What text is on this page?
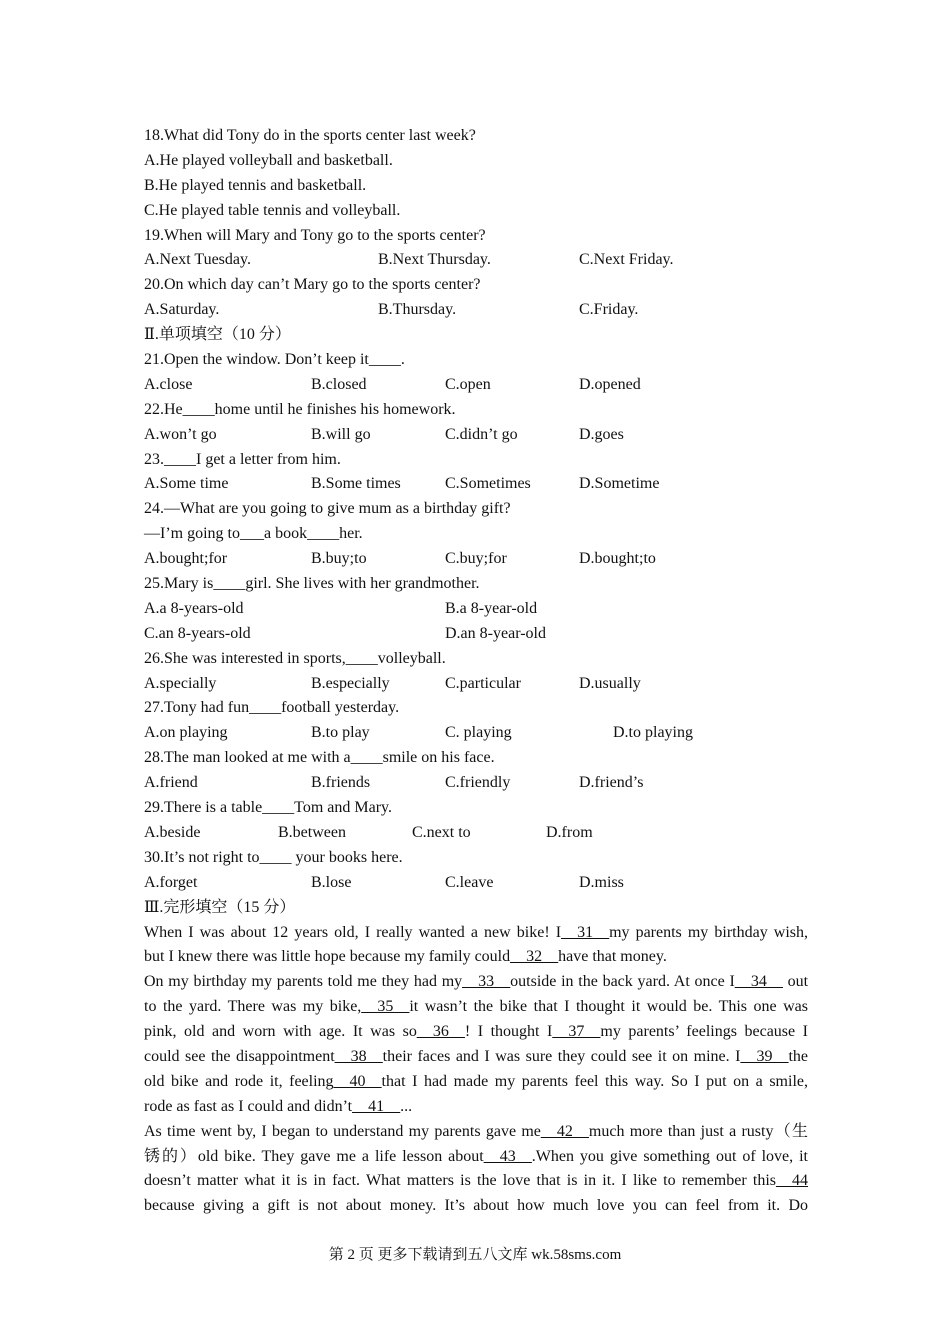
18.What did Tony do in the sports center last week?
A.He played volleyball and basketball.
B.He played tennis and basketball.
C.He played table tennis and volleyball.
19.When will Mary and Tony go to the sports center?
A.Next Tuesday.	B.Next Thursday.	C.Next Friday.
20.On which day can’t Mary go to the sports center?
A.Saturday.	B.Thursday.	C.Friday.
Ⅱ.单项填空（10 分）
21.Open the window. Don’t keep it____.
A.close	B.closed	C.open	D.opened
22.He____home until he finishes his homework.
A.won’t go	B.will go	C.didn’t go	D.goes
23.____I get a letter from him.
A.Some time	B.Some times	C.Sometimes	D.Sometime
24.—What are you going to give mum as a birthday gift?
—I’m going to___a book____her.
A.bought;for	B.buy;to	C.buy;for	D.bought;to
25.Mary is____girl. She lives with her grandmother.
A.a 8-years-old	B.a 8-year-old
C.an 8-years-old	D.an 8-year-old
26.She was interested in sports,____volleyball.
A.specially	B.especially	C.particular	D.usually
27.Tony had fun____football yesterday.
A.on playing	B.to play	C. playing	D.to playing
28.The man looked at me with a____smile on his face.
A.friend	B.friends	C.friendly	D.friend’s
29.There is a table____Tom and Mary.
A.beside	B.between	C.next to	D.from
30.It’s not right to____ your books here.
A.forget	B.lose	C.leave	D.miss
Ⅲ.完形填空（15 分）
When I was about 12 years old, I really wanted a new bike! I__31__my parents my birthday wish,
but I knew there was little hope because my family could__32__have that money.
On my birthday my parents told me they had my__33__outside in the back yard. At once I__34__ out
to the yard. There was my bike,__35__it wasn’t the bike that I thought it would be. This one was
pink, old and worn with age. It was so__36__! I thought I__37__my parents’ feelings because I
could see the disappointment__38__their faces and I was sure they could see it on mine. I__39__the
old bike and rode it, feeling__40__that I had made my parents feel this way. So I put on a smile,
rode as fast as I could and didn’t__41__...
As time went by, I began to understand my parents gave me__42__much more than just a rusty（生
锈的）old bike. They gave me a life lesson about__43__.When you give something out of love, it
doesn’t matter what it is in fact. What matters is the love that is in it. I like to remember this__44
because giving a gift is not about money. It’s about how much love you can feel from it. Do
第 2 页 更多下载请到五八文库 wk.58sms.com
